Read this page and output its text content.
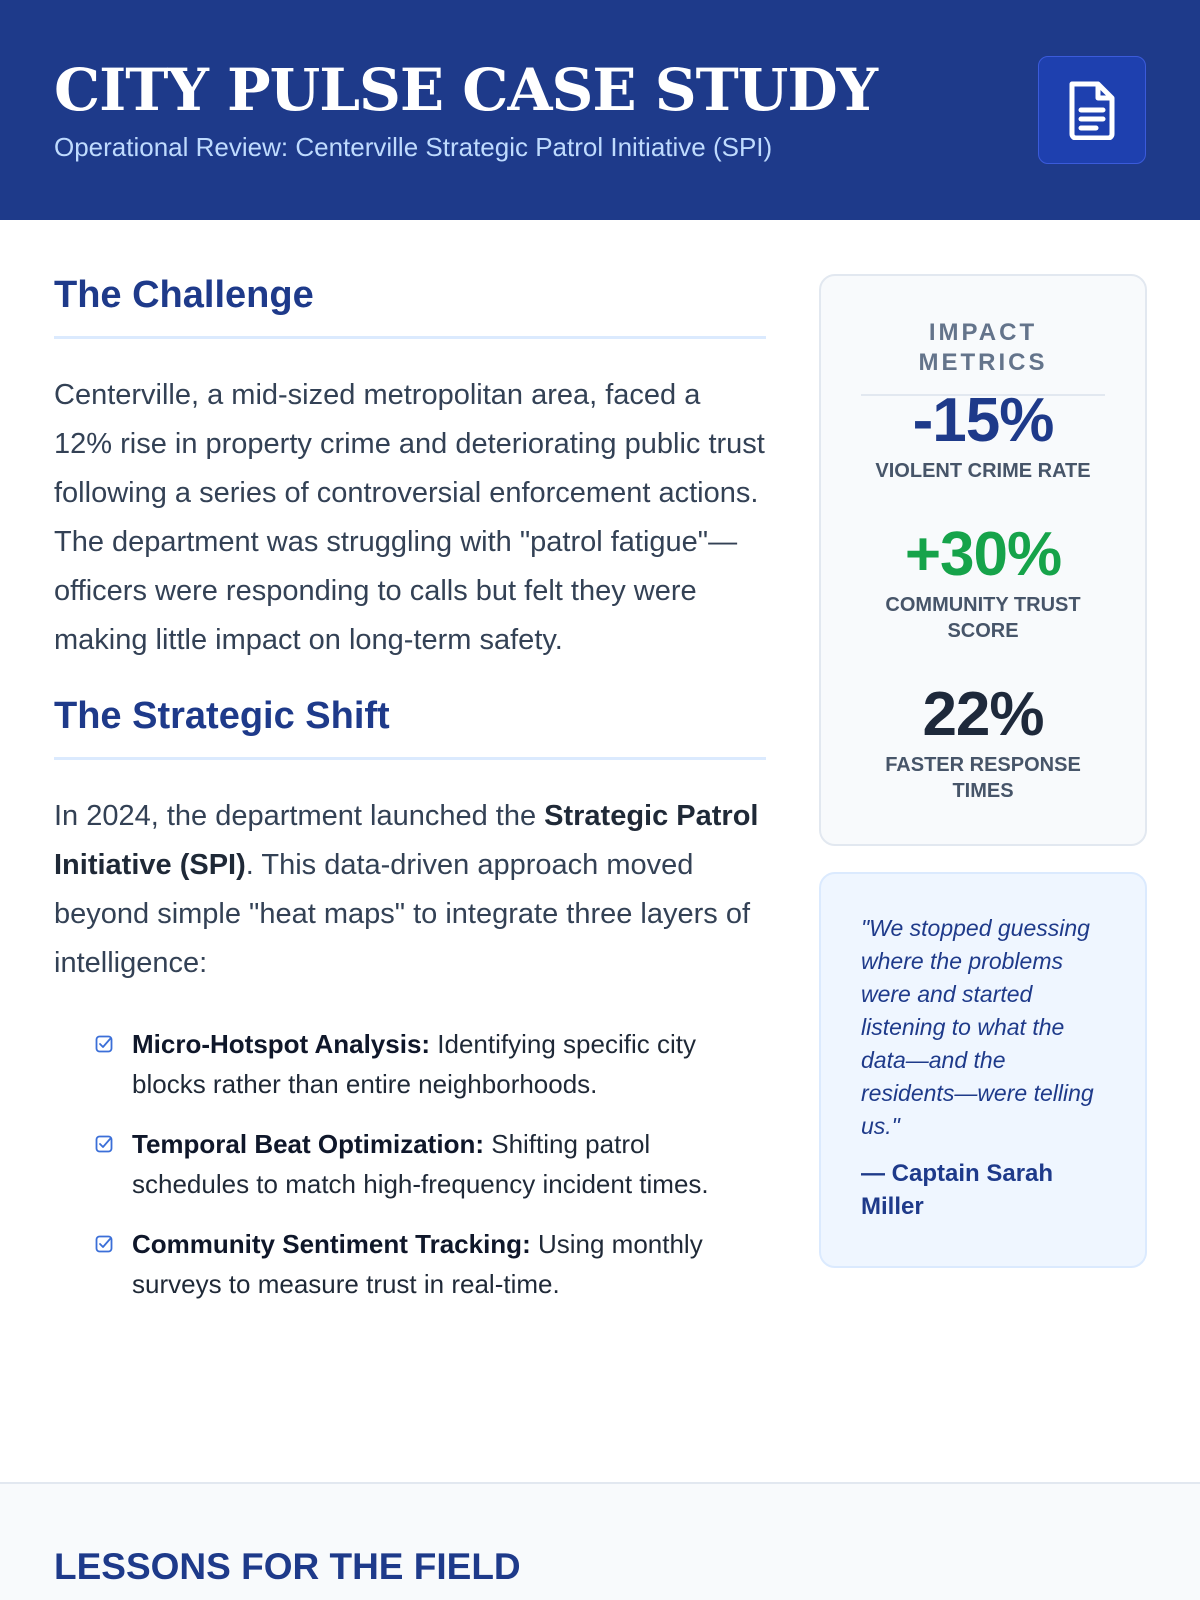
CITY PULSE CASE STUDY
Operational Review: Centerville Strategic Patrol Initiative (SPI)
The Challenge

Centerville, a mid-sized metropolitan area, faced a 12% rise in property crime and deteriorating public trust following a series of controversial enforcement actions. The department was struggling with "patrol fatigue"—officers were responding to calls but felt they were making little impact on long-term safety.

The Strategic Shift

In 2024, the department launched the Strategic Patrol Initiative (SPI). This data-driven approach moved beyond simple "heat maps" to integrate three layers of intelligence:

Micro-Hotspot Analysis: Identifying specific city blocks rather than entire neighborhoods.
Temporal Beat Optimization: Shifting patrol schedules to match high-frequency incident times.
Community Sentiment Tracking: Using monthly surveys to measure trust in real-time.
IMPACT METRICS
-15%
VIOLENT CRIME RATE
+30%
COMMUNITY TRUST SCORE
22%
FASTER RESPONSE TIMES

"We stopped guessing where the problems were and started listening to what the data—and the residents—were telling us."

— Captain Sarah Miller
LESSONS FOR THE FIELD
